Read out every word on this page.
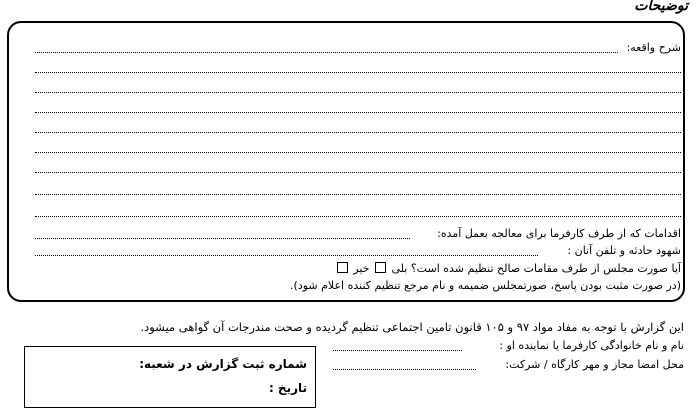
توضیحات
شرح واقعه:
اقدامات که از طرف کارفرما برای معالجه بعمل آمده:
شهود حادثه و تلفن آنان :
آیا صورت مجلس از طرف مقامات صالح تنظیم شده است؟ بلی  خیر
(در صورت مثبت بودن پاسخ، صورتمجلس ضمیمه و نام مرجع تنظیم کننده اعلام شود).
این گزارش با توجه به مفاد مواد ۹۷ و ۱۰۵ قانون تامین اجتماعی تنظیم گردیده و صحت مندرجات آن گواهی میشود.
نام و نام خانوادگی کارفرما یا نماینده او :
محل امضا مجاز و مهر کارگاه / شرکت:
شماره ثبت گزارش در شعبه:
تاریخ :
